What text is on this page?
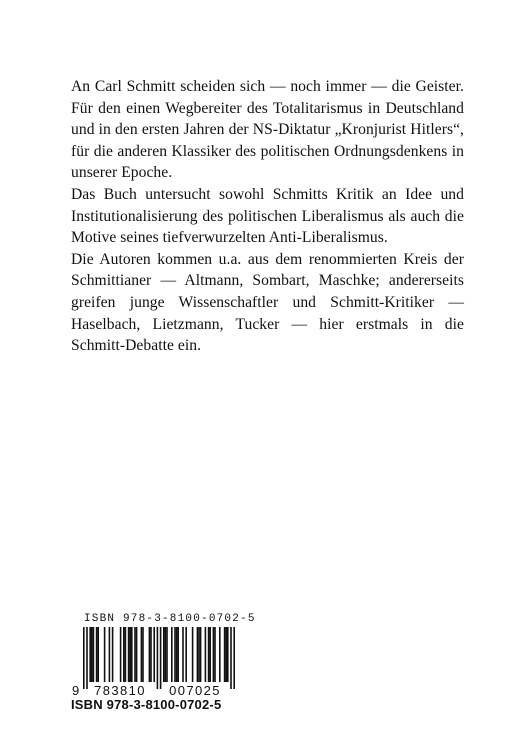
An Carl Schmitt scheiden sich — noch immer — die Geister. Für den einen Wegbereiter des Totalitarismus in Deutschland und in den ersten Jahren der NS-Diktatur „Kronjurist Hitlers“, für die anderen Klassiker des politischen Ordnungsdenkens in unserer Epoche.

Das Buch untersucht sowohl Schmitts Kritik an Idee und Institutionalisierung des politischen Liberalismus als auch die Motive seines tiefverwurzelten Anti-Liberalismus.

Die Autoren kommen u.a. aus dem renommierten Kreis der Schmittianer — Altmann, Sombart, Maschke; andererseits greifen junge Wissenschaftler und Schmitt-Kritiker — Haselbach, Lietzmann, Tucker — hier erstmals in die Schmitt-Debatte ein.

ISBN 978-3-8100-0702-5
9 783810 007025
ISBN 978-3-8100-0702-5
